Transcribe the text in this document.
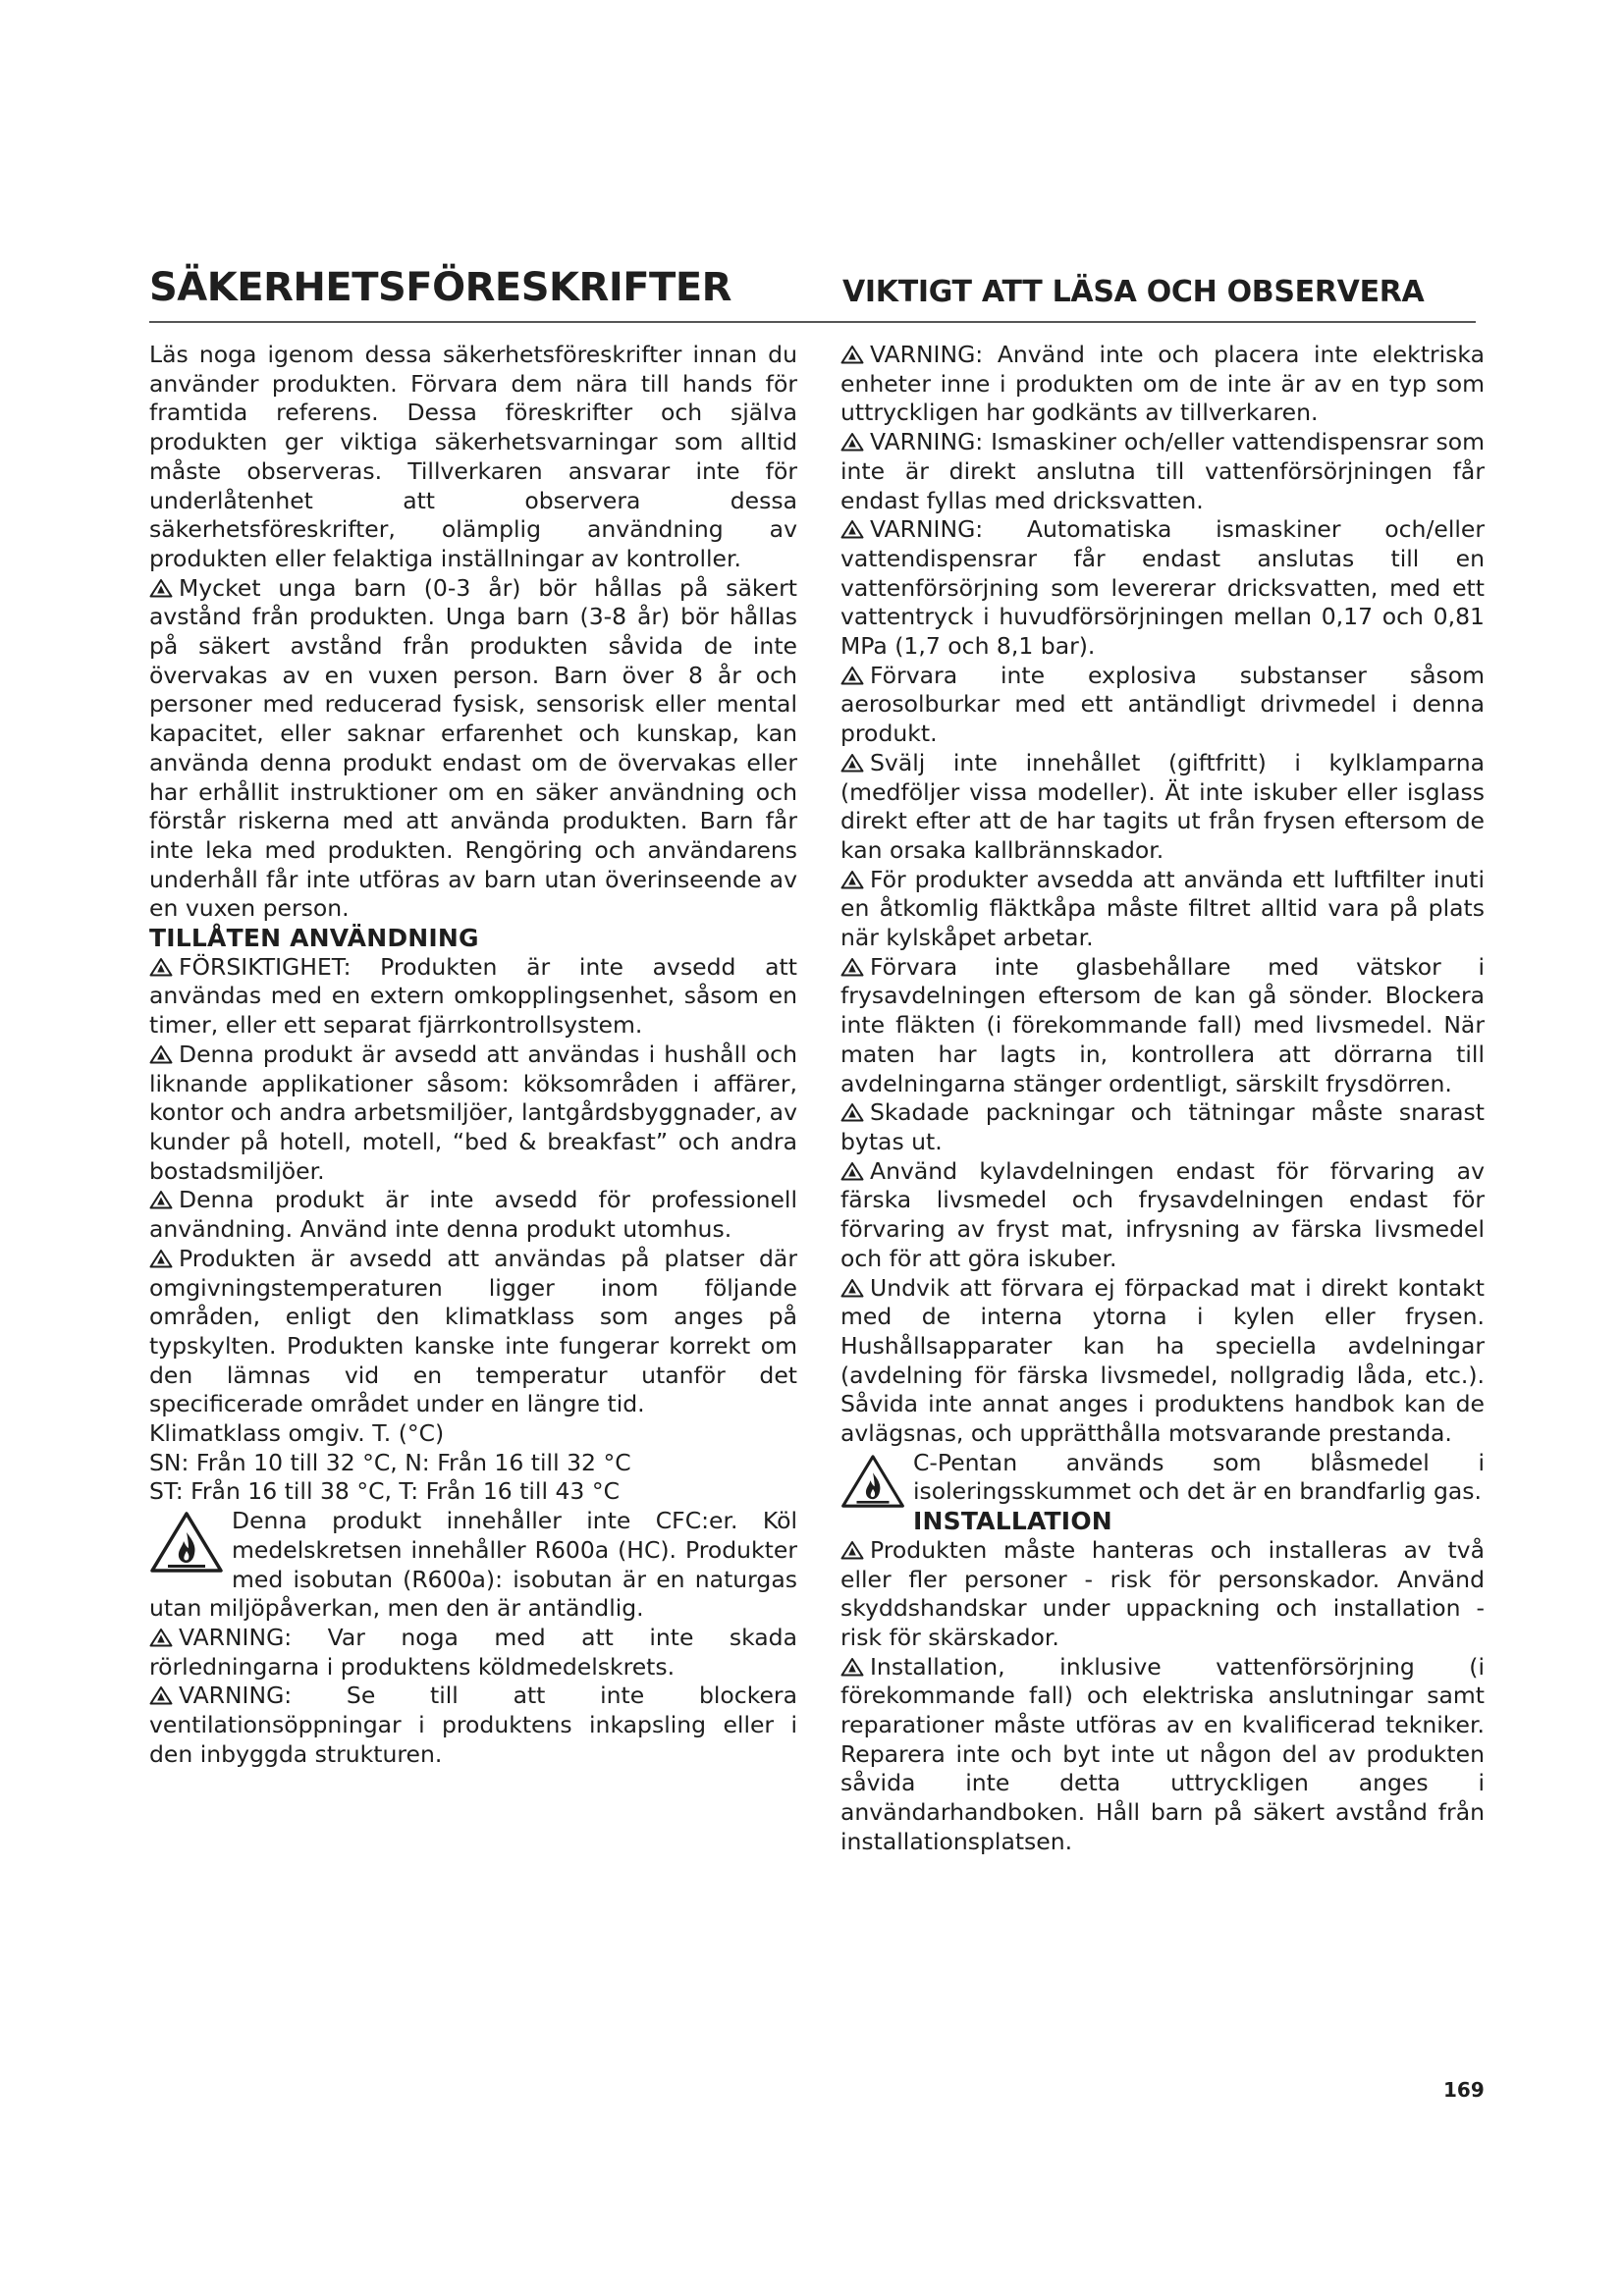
SÄKERHETSFÖRESKRIFTER	VIKTIGT ATT LÄSA OCH OBSERVERA

Läs noga igenom dessa säkerhetsföreskrifter innan du använder produkten. Förvara dem nära till hands för framtida referens. Dessa föreskrifter och själva produkten ger viktiga säkerhetsvarningar som alltid måste observeras. Tillverkaren ansvarar inte för underlåtenhet att observera dessa säkerhetsföreskrifter, olämplig användning av produkten eller felaktiga inställningar av kontroller.

Mycket unga barn (0-3 år) bör hållas på säkert avstånd från produkten. Unga barn (3-8 år) bör hållas på säkert avstånd från produkten såvida de inte övervakas av en vuxen person. Barn över 8 år och personer med reducerad fysisk, sensorisk eller mental kapacitet, eller saknar erfarenhet och kunskap, kan använda denna produkt endast om de övervakas eller har erhållit instruktioner om en säker användning och förstår riskerna med att använda produkten. Barn får inte leka med produkten. Rengöring och användarens underhåll får inte utföras av barn utan överinseende av en vuxen person.

TILLÅTEN ANVÄNDNING

FÖRSIKTIGHET: Produkten är inte avsedd att användas med en extern omkopplingsenhet, såsom en timer, eller ett separat fjärrkontrollsystem.

Denna produkt är avsedd att användas i hushåll och liknande applikationer såsom: köksområden i affärer, kontor och andra arbetsmiljöer, lantgårdsbyggnader, av kunder på hotell, motell, “bed & breakfast” och andra bostadsmiljöer.

Denna produkt är inte avsedd för professionell användning. Använd inte denna produkt utomhus.

Produkten är avsedd att användas på platser där omgivningstemperaturen ligger inom följande områden, enligt den klimatklass som anges på typskylten. Produkten kanske inte fungerar korrekt om den lämnas vid en temperatur utanför det specificerade området under en längre tid.

Klimatklass omgiv. T. (°C)

SN: Från 10 till 32 °C, N: Från 16 till 32 °C

ST: Från 16 till 38 °C, T: Från 16 till 43 °C

Denna produkt innehåller inte CFC:er. Köl medelskretsen innehåller R600a (HC). Produkter med isobutan (R600a): isobutan är en naturgas utan miljöpåverkan, men den är antändlig.

VARNING: Var noga med att inte skada rörledningarna i produktens köldmedelskrets.

VARNING: Se till att inte blockera ventilationsöppningar i produktens inkapsling eller i den inbyggda strukturen.

VARNING: Använd inte och placera inte elektriska enheter inne i produkten om de inte är av en typ som uttryckligen har godkänts av tillverkaren.

VARNING: Ismaskiner och/eller vattendispensrar som inte är direkt anslutna till vattenförsörjningen får endast fyllas med dricksvatten.

VARNING: Automatiska ismaskiner och/eller vattendispensrar får endast anslutas till en vattenförsörjning som levererar dricksvatten, med ett vattentryck i huvudförsörjningen mellan 0,17 och 0,81 MPa (1,7 och 8,1 bar).

Förvara inte explosiva substanser såsom aerosolburkar med ett antändligt drivmedel i denna produkt.

Svälj inte innehållet (giftfritt) i kylklamparna (medföljer vissa modeller). Ät inte iskuber eller isglass direkt efter att de har tagits ut från frysen eftersom de kan orsaka kallbrännskador.

För produkter avsedda att använda ett luftfilter inuti en åtkomlig fläktkåpa måste filtret alltid vara på plats när kylskåpet arbetar.

Förvara inte glasbehållare med vätskor i frysavdelningen eftersom de kan gå sönder. Blockera inte fläkten (i förekommande fall) med livsmedel. När maten har lagts in, kontrollera att dörrarna till avdelningarna stänger ordentligt, särskilt frysdörren.

Skadade packningar och tätningar måste snarast bytas ut.

Använd kylavdelningen endast för förvaring av färska livsmedel och frysavdelningen endast för förvaring av fryst mat, infrysning av färska livsmedel och för att göra iskuber.

Undvik att förvara ej förpackad mat i direkt kontakt med de interna ytorna i kylen eller frysen. Hushållsapparater kan ha speciella avdelningar (avdelning för färska livsmedel, nollgradig låda, etc.). Såvida inte annat anges i produktens handbok kan de avlägsnas, och upprätthålla motsvarande prestanda.

C-Pentan används som blåsmedel i isoleringsskummet och det är en brandfarlig gas.

INSTALLATION

Produkten måste hanteras och installeras av två eller fler personer - risk för personskador. Använd skyddshandskar under uppackning och installation - risk för skärskador.

Installation, inklusive vattenförsörjning (i förekommande fall) och elektriska anslutningar samt reparationer måste utföras av en kvalificerad tekniker. Reparera inte och byt inte ut någon del av produkten såvida inte detta uttryckligen anges i användarhandboken. Håll barn på säkert avstånd från installationsplatsen.

169
